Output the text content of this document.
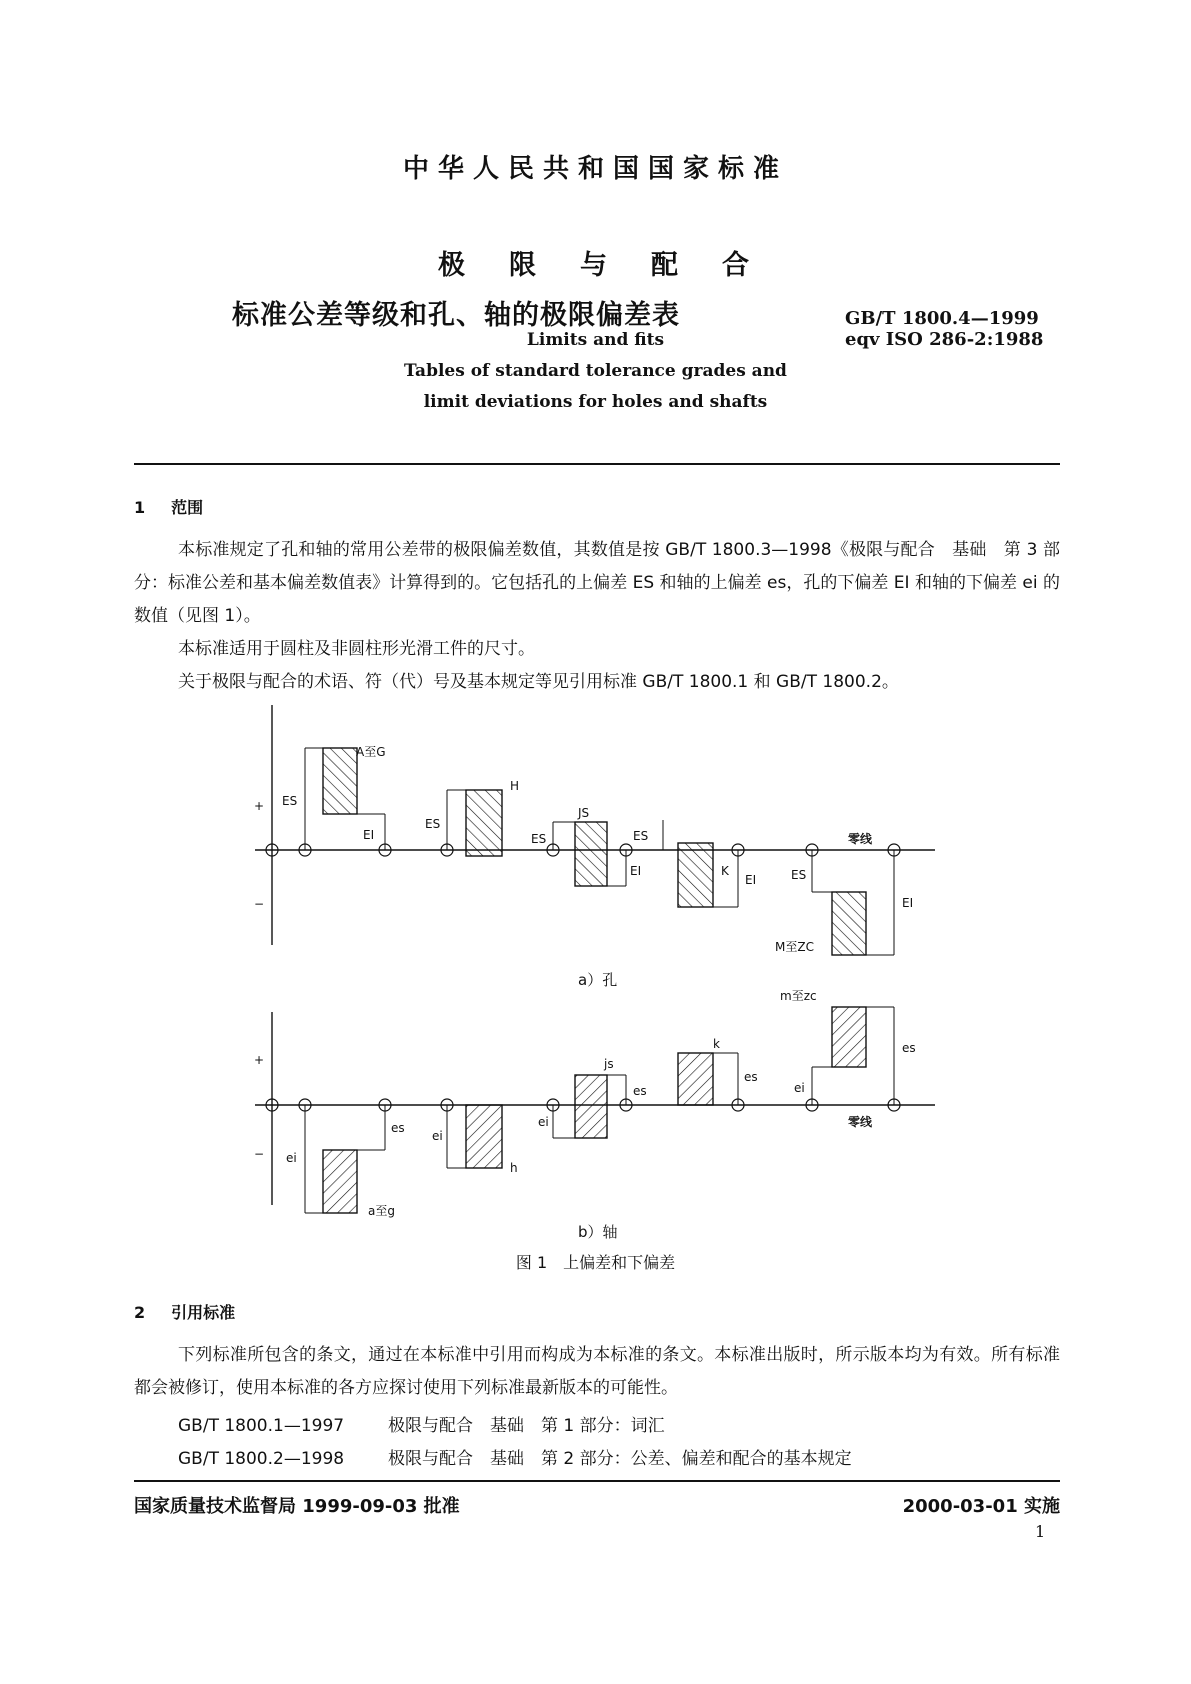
中华人民共和国国家标准
极限与配合
标准公差等级和孔、轴的极限偏差表	GB/T 1800.4—1999
eqv ISO 286-2:1988
Limits and fits
Tables of standard tolerance grades and
limit deviations for holes and shafts
1 范围

本标准规定了孔和轴的常用公差带的极限偏差数值，其数值是按 GB/T 1800.3—1998《极限与配合　基础　第 3 部分：标准公差和基本偏差数值表》计算得到的。它包括孔的上偏差 ES 和轴的上偏差 es，孔的下偏差 EI 和轴的下偏差 ei 的数值（见图 1）。

本标准适用于圆柱及非圆柱形光滑工件的尺寸。

关于极限与配合的术语、符（代）号及基本规定等见引用标准 GB/T 1800.1 和 GB/T 1800.2。

+
−
A至G
H
JS
K
M至ZC
ES
EI
ES
ES
EI
ES
EI	ES
EI
零线
a）孔
+
−
a至g
h
js
k
m至zc
ei
es
ei
ei
es
es
ei
es
零线
b）轴
图 1　上偏差和下偏差
2 引用标准

下列标准所包含的条文，通过在本标准中引用而构成为本标准的条文。本标准出版时，所示版本均为有效。所有标准都会被修订，使用本标准的各方应探讨使用下列标准最新版本的可能性。

GB/T 1800.1—1997	极限与配合　基础　第 1 部分：词汇
GB/T 1800.2—1998	极限与配合　基础　第 2 部分：公差、偏差和配合的基本规定
国家质量技术监督局 1999-09-03 批准	2000-03-01 实施
1
